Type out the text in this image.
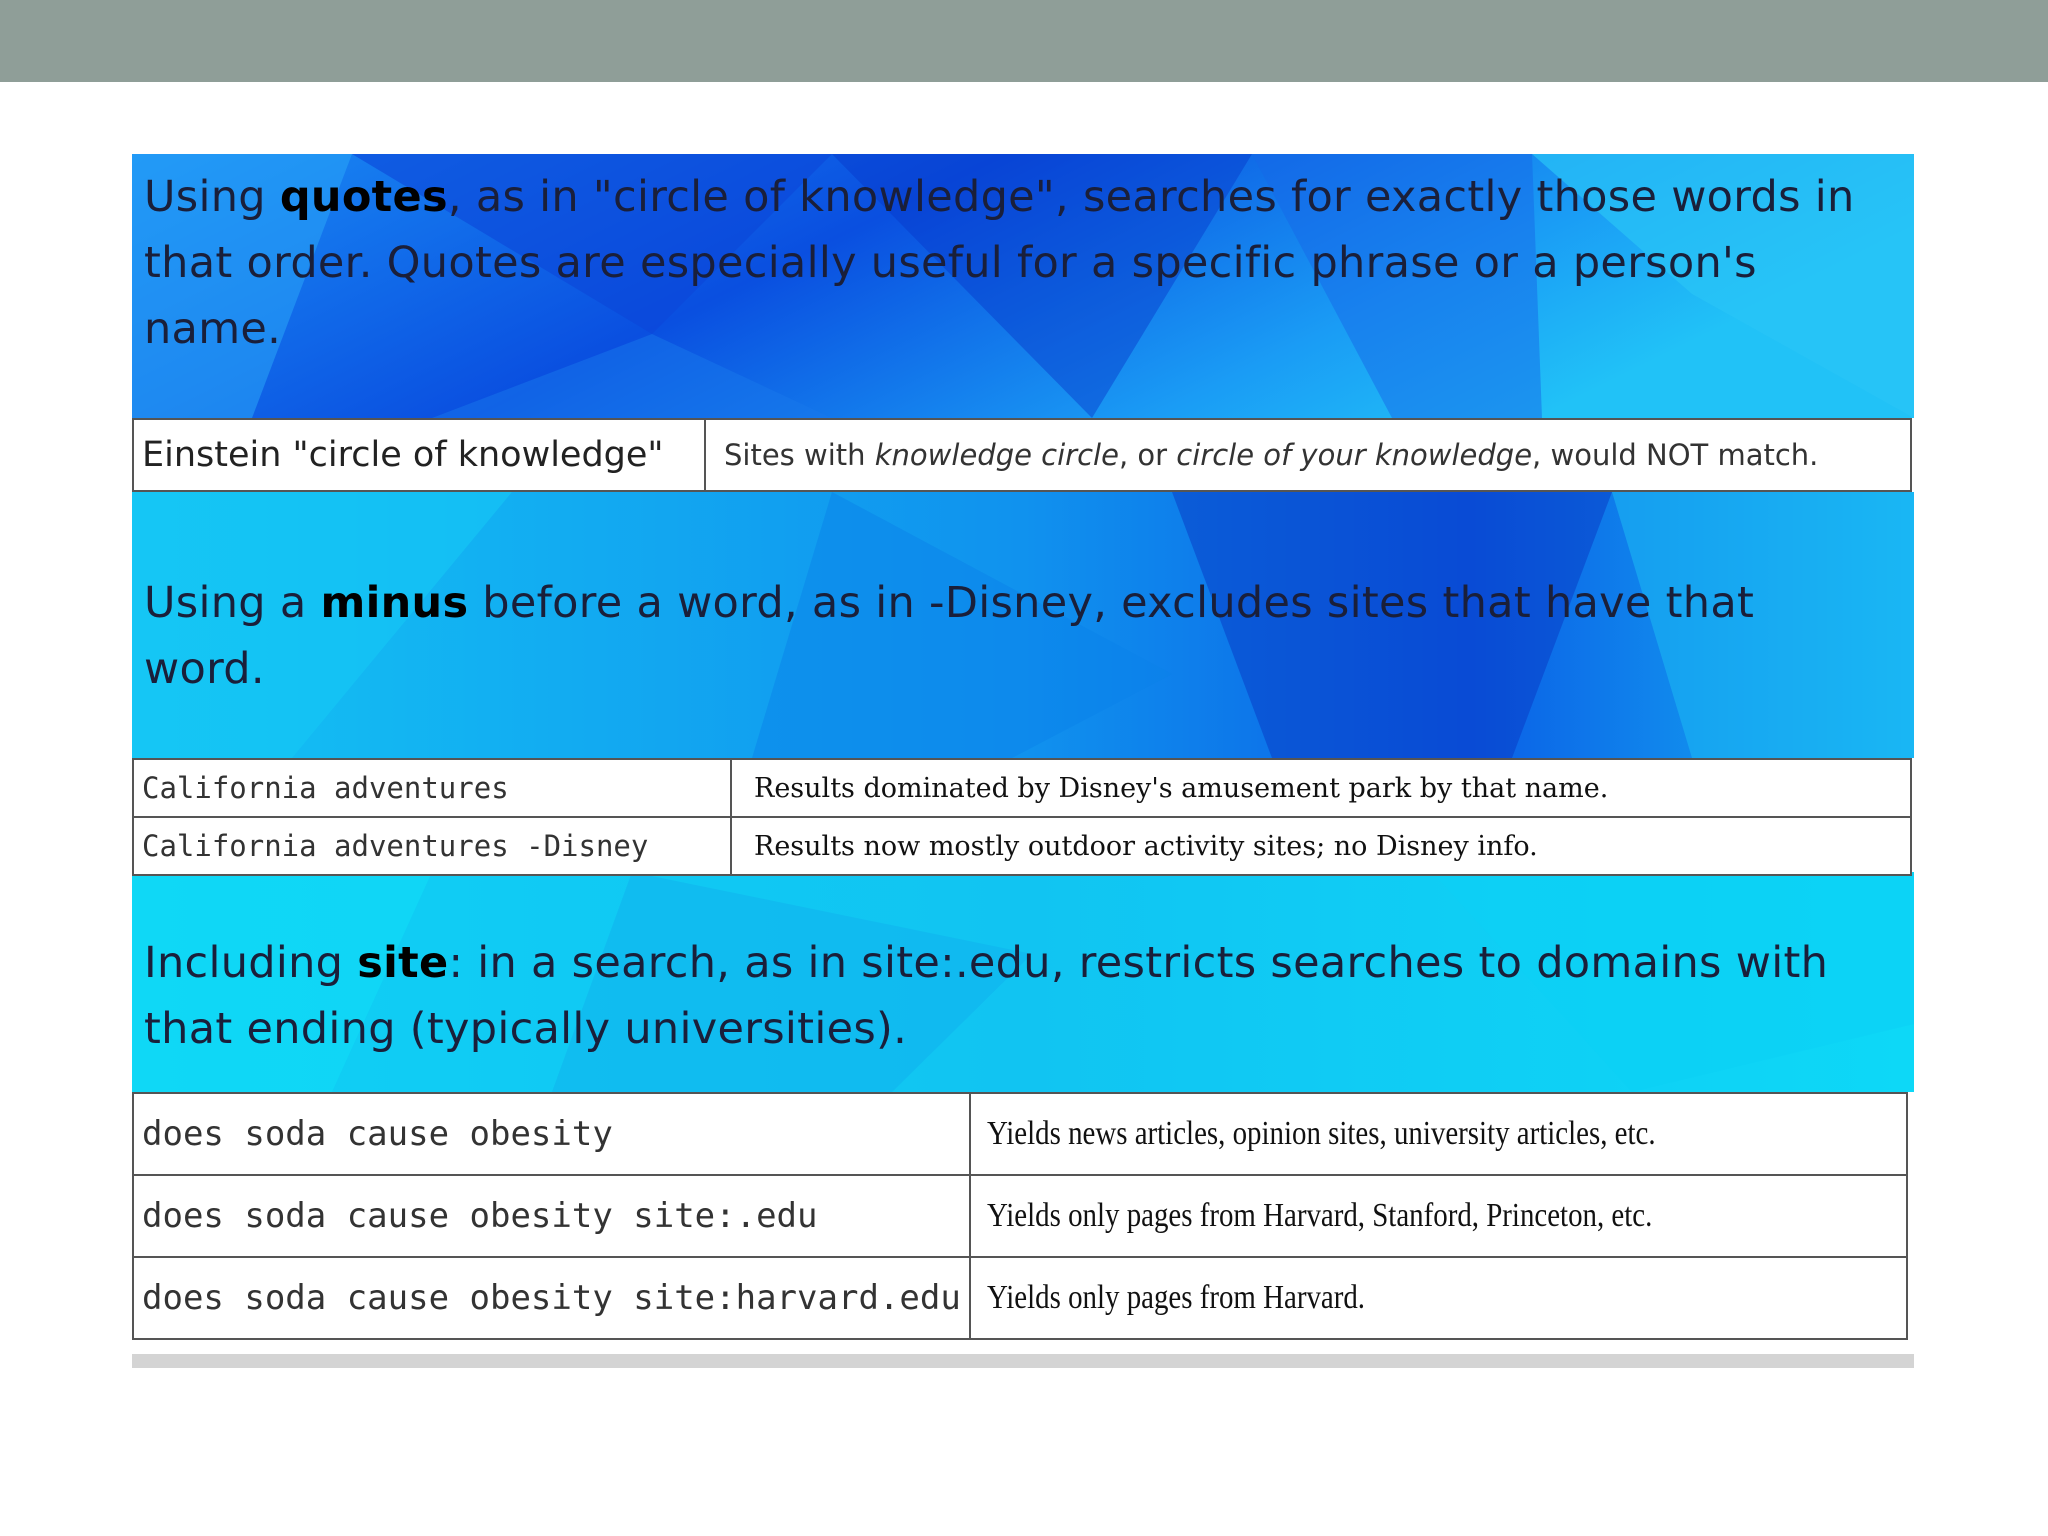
Using quotes, as in "circle of knowledge", searches for exactly those words in that order. Quotes are especially useful for a specific phrase or a person's name.
Einstein "circle of knowledge"	Sites with knowledge circle, or circle of your knowledge, would NOT match.
Using a minus before a word, as in -Disney, excludes sites that have that word.
California adventures	Results dominated by Disney's amusement park by that name.
California adventures -Disney	Results now mostly outdoor activity sites; no Disney info.
Including site: in a search, as in site:.edu, restricts searches to domains with that ending (typically universities).
does soda cause obesity	Yields news articles, opinion sites, university articles, etc.
does soda cause obesity site:.edu	Yields only pages from Harvard, Stanford, Princeton, etc.
does soda cause obesity site:harvard.edu	Yields only pages from Harvard.
